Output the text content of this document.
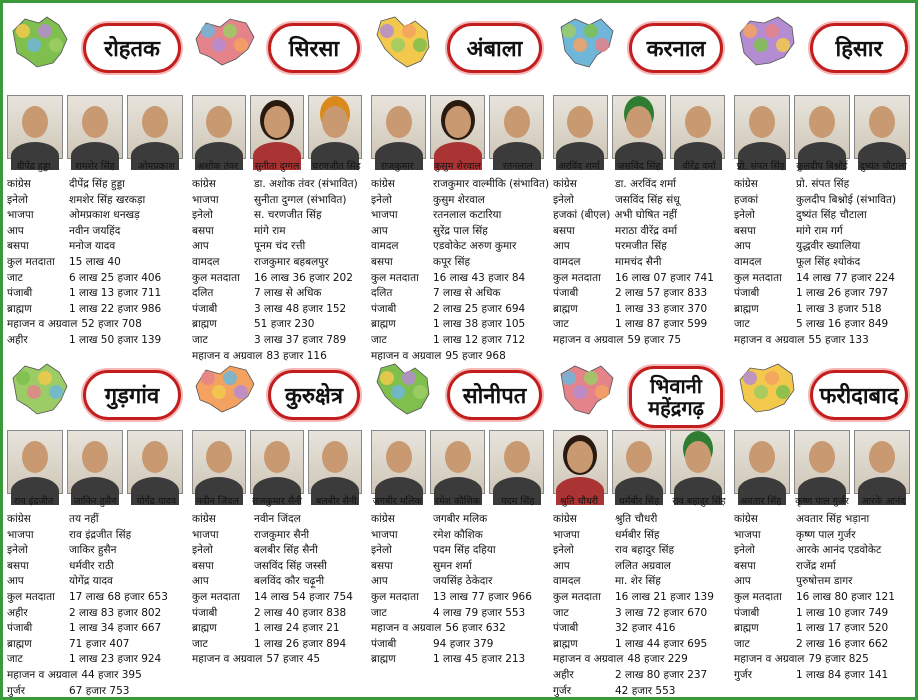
रोहतक
दीपेंद्र हुड्डा	शमशेर सिंह	ओमप्रकाश
कांग्रेस	दीपेंद्र सिंह हुड्डा
इनेलो	शमशेर सिंह खरकड़ा
भाजपा	ओमप्रकाश धनखड़
आप	नवीन जयहिंद
बसपा	मनोज यादव
कुल मतदाता	15 लाख 40
जाट	6 लाख 25 हजार 406
पंजाबी	1 लाख 13 हजार 711
ब्राह्मण	1 लाख 22 हजार 986
महाजन व अग्रवाल 52 हजार 708
अहीर	1 लाख 50 हजार 139
सिरसा
अशोक तंवर	सुनीता दुग्गल	चरणजीत सिंह
कांग्रेस	डा. अशोक तंवर (संभावित)
भाजपा	सुनीता दुग्गल (संभावित)
इनेलो	स. चरणजीत सिंह
बसपा	मांगे राम
आप	पूनम चंद रत्ती
वामदल	राजकुमार बहबलपुर
कुल मतदाता	16 लाख 36 हजार 202
दलित	7 लाख से अधिक
पंजाबी	3 लाख 48 हजार 152
ब्राह्मण	51 हजार 230
जाट	3 लाख 37 हजार 789
महाजन व अग्रवाल 83 हजार 116
अंबाला
राजकुमार	कुसुम शेरवाल	रतनलाल
कांग्रेस	राजकुमार वाल्मीकि (संभावित)
इनेलो	कुसुम शेरवाल
भाजपा	रतनलाल कटारिया
आप	सुरेंद्र पाल सिंह
वामदल	एडवोकेट अरुण कुमार
बसपा	कपूर सिंह
कुल मतदाता	16 लाख 43 हजार 84
दलित	7 लाख से अधिक
पंजाबी	2 लाख 25 हजार 694
ब्राह्मण	1 लाख 38 हजार 105
जाट	1 लाख 12 हजार 712
महाजन व अग्रवाल 95 हजार 968
करनाल
अरविंद शर्मा	जसविंद सिंह	वीरेंद्र वर्मा
कांग्रेस	डा. अरविंद शर्मा
इनेलो	जसविंद सिंह संधू
हजकां (बीएल) अभी घोषित नहीं
बसपा	मराठा वीरेंद्र वर्मा
आप	परमजीत सिंह
वामदल	मामचंद सैनी
कुल मतदाता	16 लाख 07 हजार 741
पंजाबी	2 लाख 57 हजार 833
ब्राह्मण	1 लाख 33 हजार 370
जाट	1 लाख 87 हजार 599
महाजन व अग्रवाल 59 हजार 75
हिसार
प्रो. संपत सिंह	कुलदीप बिश्नोई	दुष्यंत चौटाला
कांग्रेस	प्रो. संपत सिंह
हजकां	कुलदीप बिश्नोई (संभावित)
इनेलो	दुष्यंत सिंह चौटाला
बसपा	मांगे राम गर्ग
आप	युद्धवीर ख्यालिया
वामदल	फूल सिंह श्योकंद
कुल मतदाता	14 लाख 77 हजार 224
पंजाबी	1 लाख 26 हजार 797
ब्राह्मण	1 लाख 3 हजार 518
जाट	5 लाख 16 हजार 849
महाजन व अग्रवाल 55 हजार 133
गुड़गांव
राव इंद्रजीत	जाकिर हुसैन	योगेंद्र यादव
कांग्रेस	तय नहीं
भाजपा	राव इंद्रजीत सिंह
इनेलो	जाकिर हुसैन
बसपा	धर्मवीर राठी
आप	योगेंद्र यादव
कुल मतदाता	17 लाख 68 हजार 653
अहीर	2 लाख 83 हजार 802
पंजाबी	1 लाख 34 हजार 667
ब्राह्मण	71 हजार 407
जाट	1 लाख 23 हजार 924
महाजन व अग्रवाल 44 हजार 395
गुर्जर	67 हजार 753
कुरुक्षेत्र
नवीन जिंदल	राजकुमार सैनी	बलबीर सैनी
कांग्रेस	नवीन जिंदल
भाजपा	राजकुमार सैनी
इनेलो	बलबीर सिंह सैनी
बसपा	जसविंद सिंह जस्सी
आप	बलविंद कौर चढ़ूनी
कुल मतदाता	14 लाख 54 हजार 754
पंजाबी	2 लाख 40 हजार 838
ब्राह्मण	1 लाख 24 हजार 21
जाट	1 लाख 26 हजार 894
महाजन व अग्रवाल 57 हजार 45
सोनीपत
जगबीर मलिक	रमेश कौशिक	पदम सिंह
कांग्रेस	जगबीर मलिक
भाजपा	रमेश कौशिक
इनेलो	पदम सिंह दहिया
बसपा	सुमन शर्मा
आप	जयसिंह ठेकेदार
कुल मतदाता	13 लाख 77 हजार 966
जाट	4 लाख 79 हजार 553
महाजन व अग्रवाल 56 हजार 632
पंजाबी	94 हजार 379
ब्राह्मण	1 लाख 45 हजार 213
भिवानी
महेंद्रगढ़
श्रुति चौधरी	धर्मबीर सिंह	राव बहादुर सिंह
कांग्रेस	श्रुति चौधरी
भाजपा	धर्मबीर सिंह
इनेलो	राव बहादुर सिंह
आप	ललित अग्रवाल
वामदल	मा. शेर सिंह
कुल मतदाता	16 लाख 21 हजार 139
जाट	3 लाख 72 हजार 670
पंजाबी	32 हजार 416
ब्राह्मण	1 लाख 44 हजार 695
महाजन व अग्रवाल 48 हजार 229
अहीर	2 लाख 80 हजार 237
गुर्जर	42 हजार 553
फरीदाबाद
अवतार सिंह	कृष्ण पाल गुर्जर	आरके आनंद
कांग्रेस	अवतार सिंह भड़ाना
भाजपा	कृष्ण पाल गुर्जर
इनेलो	आरके आनंद एडवोकेट
बसपा	राजेंद्र शर्मा
आप	पुरुषोत्तम डागर
कुल मतदाता	16 लाख 80 हजार 121
पंजाबी	1 लाख 10 हजार 749
ब्राह्मण	1 लाख 17 हजार 520
जाट	2 लाख 16 हजार 662
महाजन व अग्रवाल 79 हजार 825
गुर्जर	1 लाख 84 हजार 141
